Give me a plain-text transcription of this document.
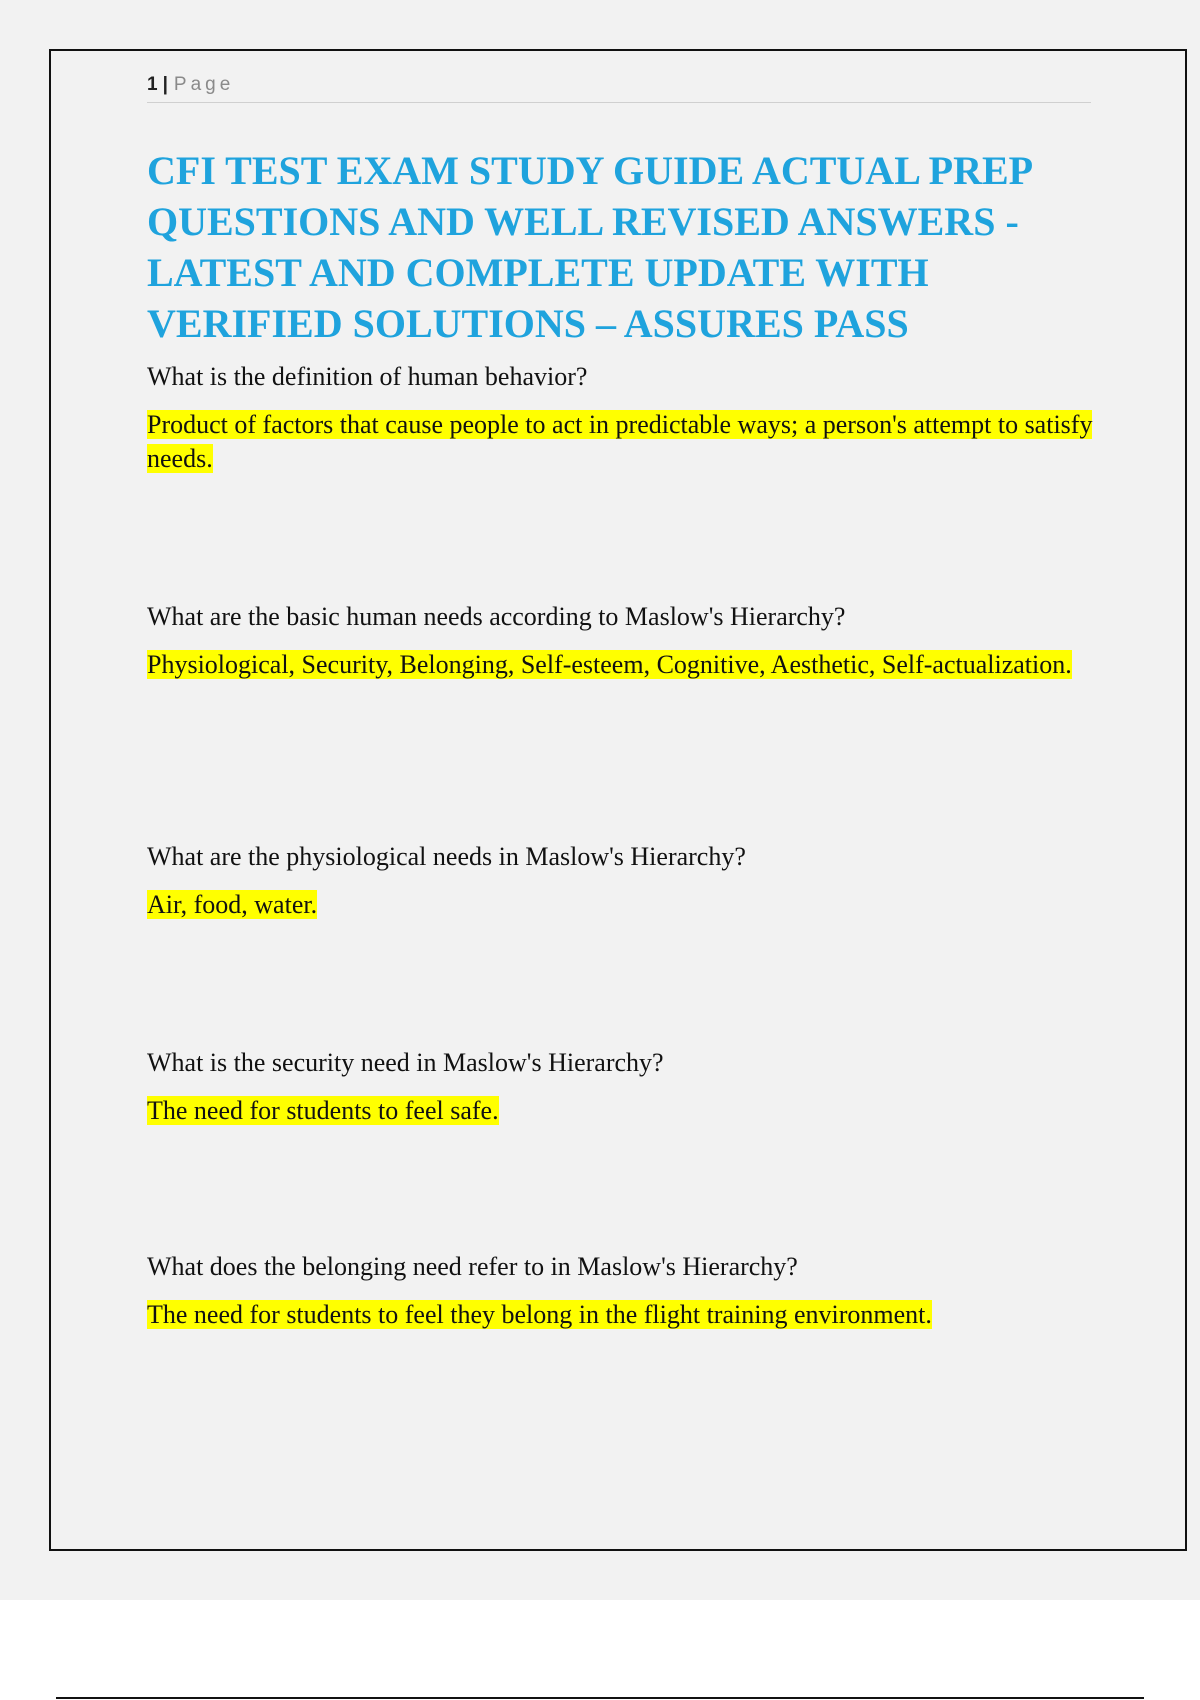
1 | Page
CFI TEST EXAM STUDY GUIDE ACTUAL PREP QUESTIONS AND WELL REVISED ANSWERS - LATEST AND COMPLETE UPDATE WITH VERIFIED SOLUTIONS – ASSURES PASS

What is the definition of human behavior?

Product of factors that cause people to act in predictable ways; a person's attempt to satisfy needs.

What are the basic human needs according to Maslow's Hierarchy?

Physiological, Security, Belonging, Self-esteem, Cognitive, Aesthetic, Self-actualization.

What are the physiological needs in Maslow's Hierarchy?

Air, food, water.

What is the security need in Maslow's Hierarchy?

The need for students to feel safe.

What does the belonging need refer to in Maslow's Hierarchy?

The need for students to feel they belong in the flight training environment.
